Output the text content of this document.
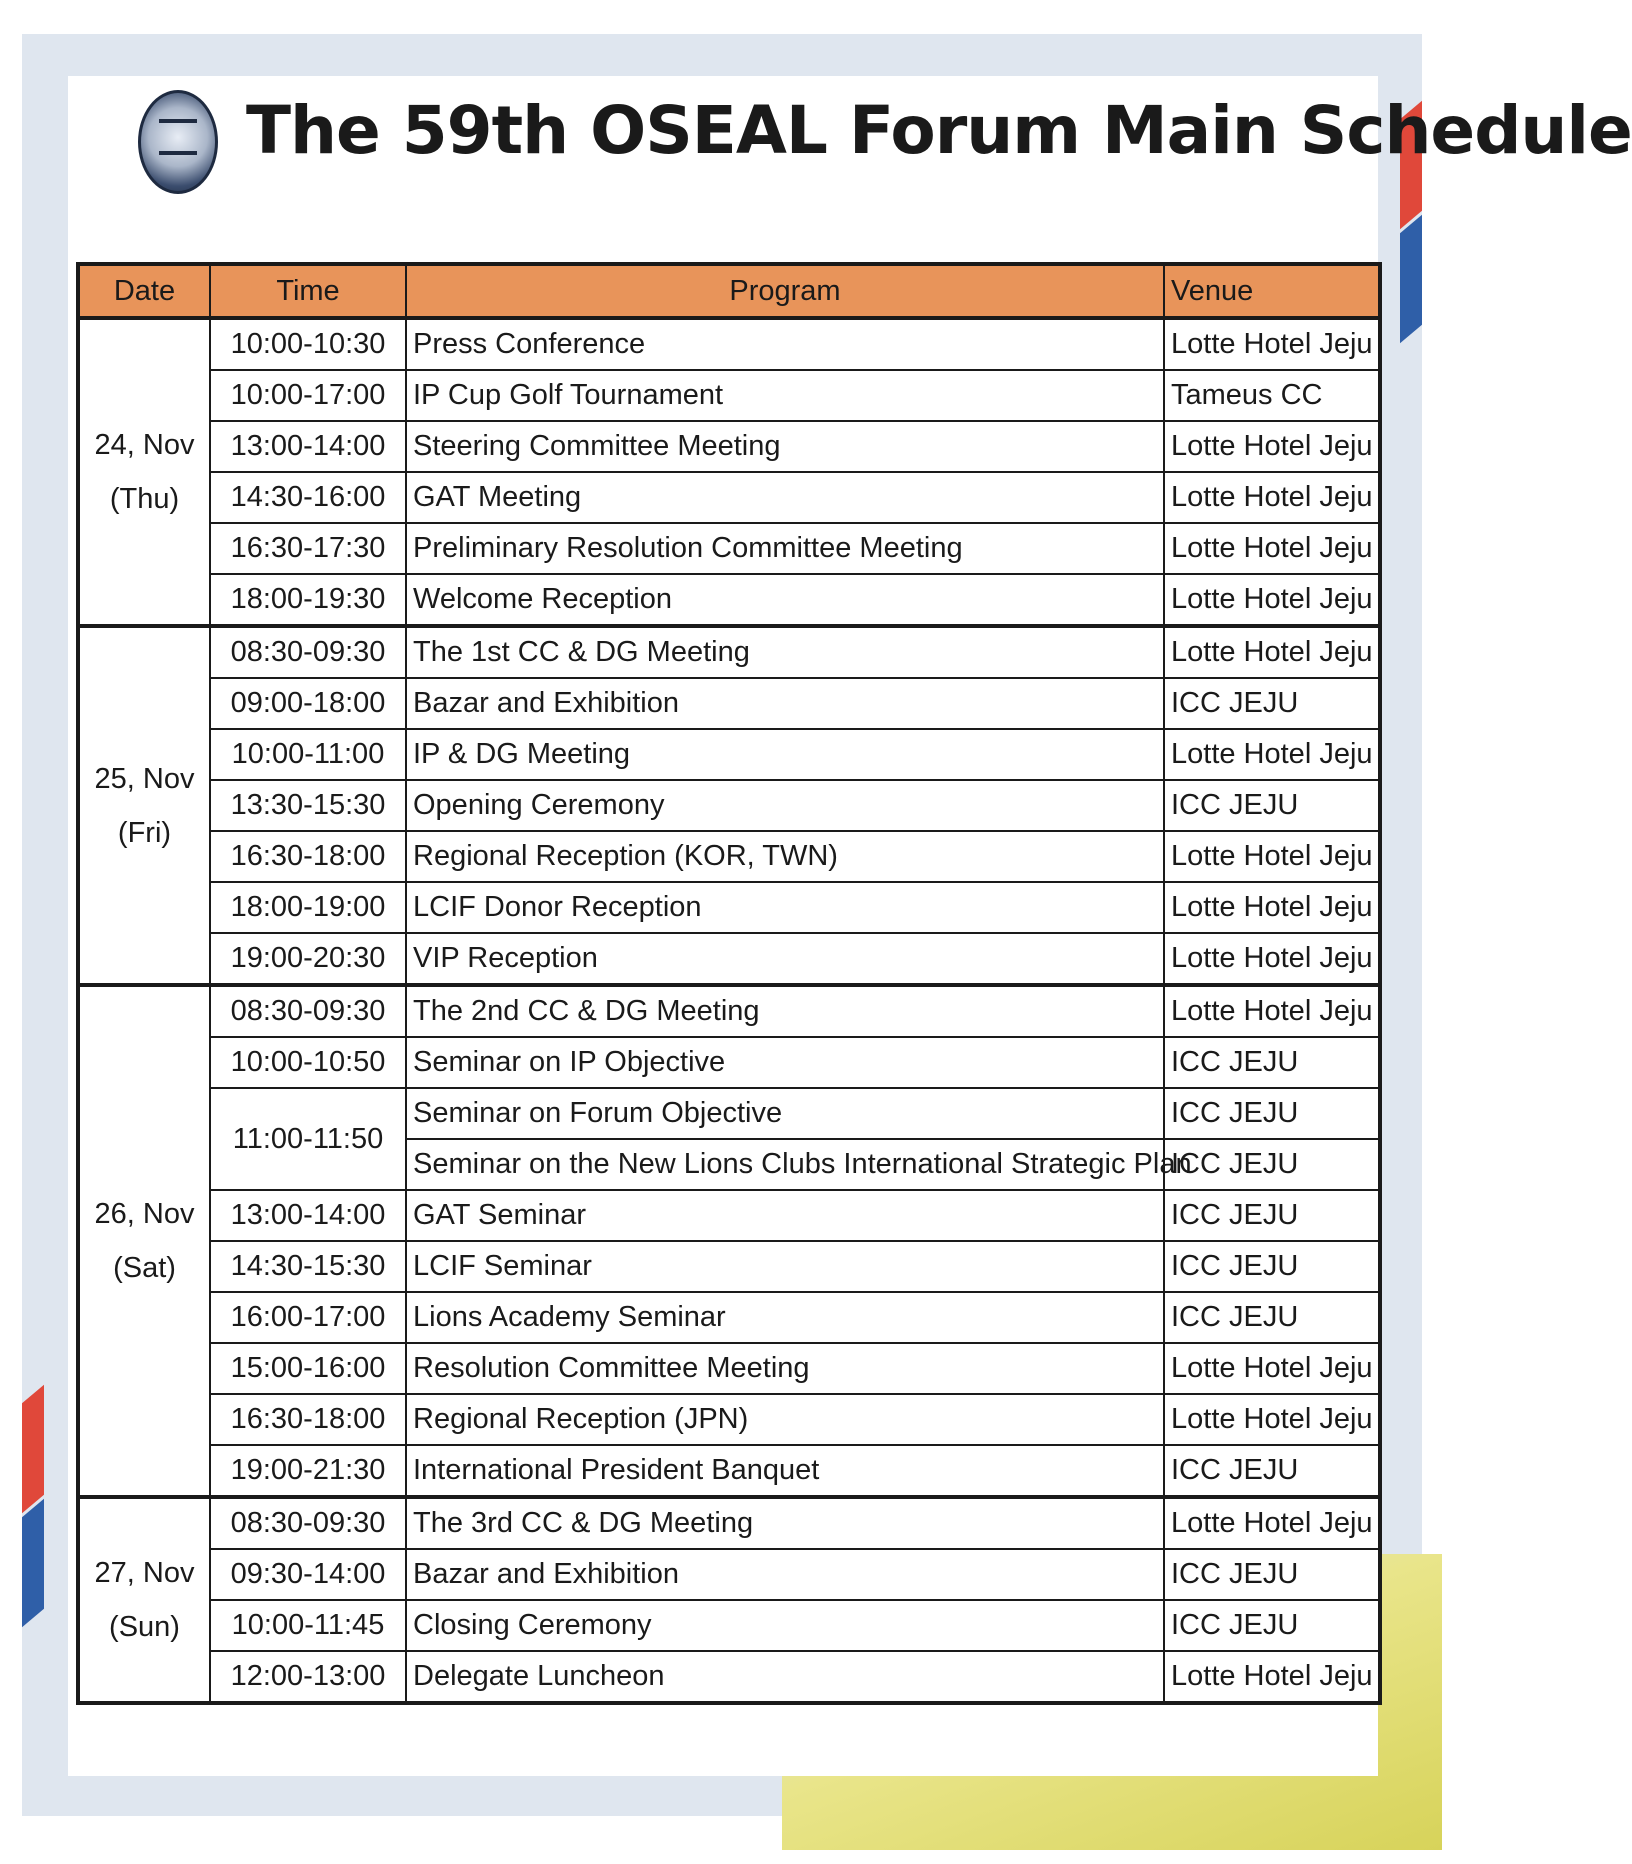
The 59th OSEAL Forum Main Schedule
Date	Time	Program	Venue

24, Nov
(Thu)	10:00-10:30	Press Conference	Lotte Hotel Jeju
	10:00-17:00	IP Cup Golf Tournament	Tameus CC
	13:00-14:00	Steering Committee Meeting	Lotte Hotel Jeju
	14:30-16:00	GAT Meeting	Lotte Hotel Jeju
	16:30-17:30	Preliminary Resolution Committee Meeting	Lotte Hotel Jeju
	18:00-19:30	Welcome Reception	Lotte Hotel Jeju

25, Nov
(Fri)	08:30-09:30	The 1st CC & DG Meeting	Lotte Hotel Jeju
	09:00-18:00	Bazar and Exhibition	ICC JEJU
	10:00-11:00	IP & DG Meeting	Lotte Hotel Jeju
	13:30-15:30	Opening Ceremony	ICC JEJU
	16:30-18:00	Regional Reception (KOR, TWN)	Lotte Hotel Jeju
	18:00-19:00	LCIF Donor Reception	Lotte Hotel Jeju
	19:00-20:30	VIP Reception	Lotte Hotel Jeju

26, Nov
(Sat)	08:30-09:30	The 2nd CC & DG Meeting	Lotte Hotel Jeju
	10:00-10:50	Seminar on IP Objective	ICC JEJU
	11:00-11:50	Seminar on Forum Objective	ICC JEJU
		Seminar on the New Lions Clubs International Strategic Plan	ICC JEJU
	13:00-14:00	GAT Seminar	ICC JEJU
	14:30-15:30	LCIF Seminar	ICC JEJU
	16:00-17:00	Lions Academy Seminar	ICC JEJU
	15:00-16:00	Resolution Committee Meeting	Lotte Hotel Jeju
	16:30-18:00	Regional Reception (JPN)	Lotte Hotel Jeju
	19:00-21:30	International President Banquet	ICC JEJU

27, Nov
(Sun)	08:30-09:30	The 3rd CC & DG Meeting	Lotte Hotel Jeju
	09:30-14:00	Bazar and Exhibition	ICC JEJU
	10:00-11:45	Closing Ceremony	ICC JEJU
	12:00-13:00	Delegate Luncheon	Lotte Hotel Jeju
